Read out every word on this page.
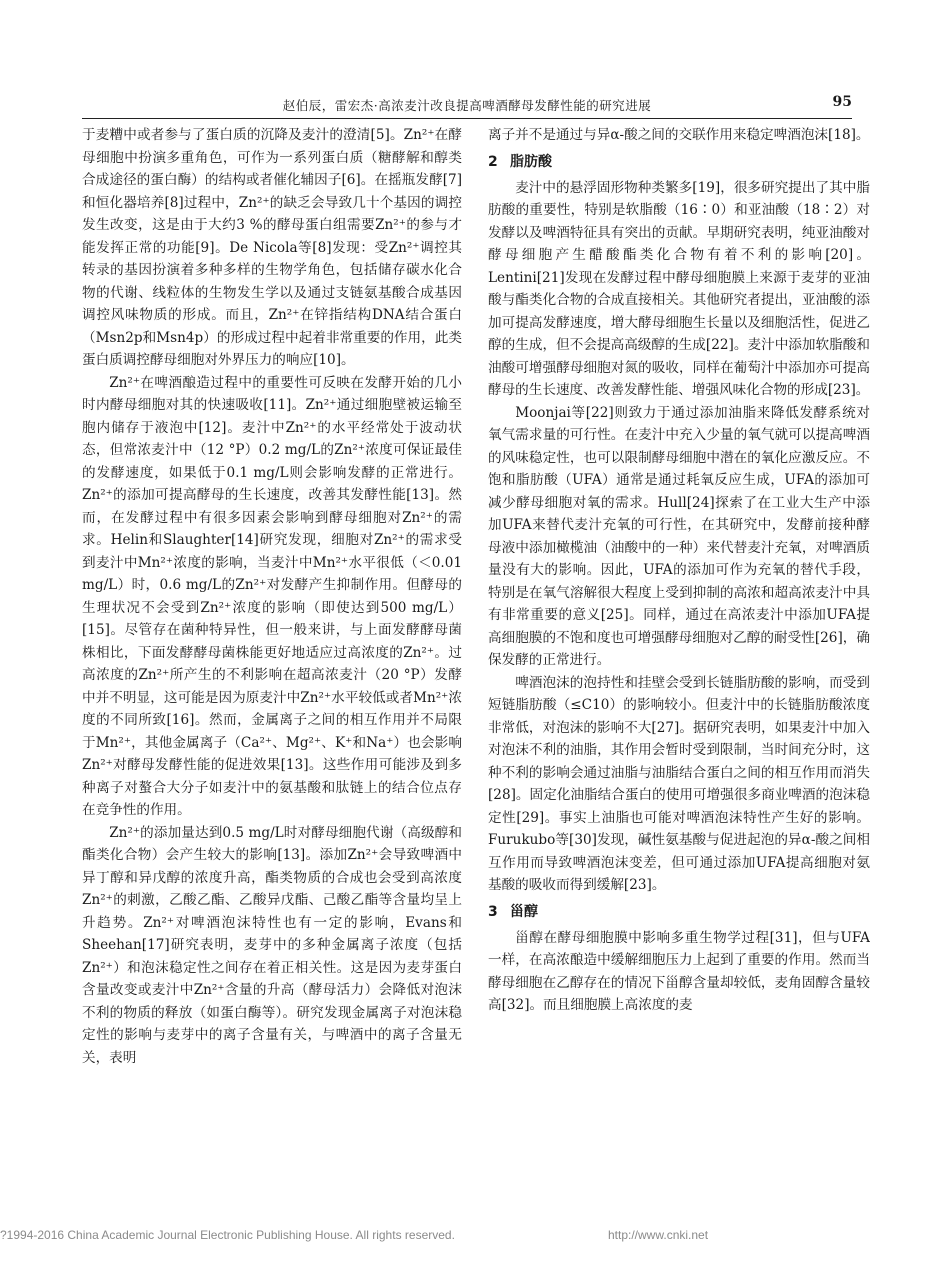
赵伯辰，雷宏杰·高浓麦汁改良提高啤酒酵母发酵性能的研究进展	95

于麦糟中或者参与了蛋白质的沉降及麦汁的澄清[5]。Zn²⁺在酵母细胞中扮演多重角色，可作为一系列蛋白质（糖酵解和醇类合成途径的蛋白酶）的结构或者催化辅因子[6]。在摇瓶发酵[7]和恒化器培养[8]过程中，Zn²⁺的缺乏会导致几十个基因的调控发生改变，这是由于大约3 %的酵母蛋白组需要Zn²⁺的参与才能发挥正常的功能[9]。De Nicola等[8]发现：受Zn²⁺调控其转录的基因扮演着多种多样的生物学角色，包括储存碳水化合物的代谢、线粒体的生物发生学以及通过支链氨基酸合成基因调控风味物质的形成。而且，Zn²⁺在锌指结构DNA结合蛋白（Msn2p和Msn4p）的形成过程中起着非常重要的作用，此类蛋白质调控酵母细胞对外界压力的响应[10]。

Zn²⁺在啤酒酿造过程中的重要性可反映在发酵开始的几小时内酵母细胞对其的快速吸收[11]。Zn²⁺通过细胞壁被运输至胞内储存于液泡中[12]。麦汁中Zn²⁺的水平经常处于波动状态，但常浓麦汁中（12 °P）0.2 mg/L的Zn²⁺浓度可保证最佳的发酵速度，如果低于0.1 mg/L则会影响发酵的正常进行。Zn²⁺的添加可提高酵母的生长速度，改善其发酵性能[13]。然而，在发酵过程中有很多因素会影响到酵母细胞对Zn²⁺的需求。Helin和Slaughter[14]研究发现，细胞对Zn²⁺的需求受到麦汁中Mn²⁺浓度的影响，当麦汁中Mn²⁺水平很低（＜0.01 mg/L）时，0.6 mg/L的Zn²⁺对发酵产生抑制作用。但酵母的生理状况不会受到Zn²⁺浓度的影响（即使达到500 mg/L）[15]。尽管存在菌种特异性，但一般来讲，与上面发酵酵母菌株相比，下面发酵酵母菌株能更好地适应过高浓度的Zn²⁺。过高浓度的Zn²⁺所产生的不利影响在超高浓麦汁（20 °P）发酵中并不明显，这可能是因为原麦汁中Zn²⁺水平较低或者Mn²⁺浓度的不同所致[16]。然而，金属离子之间的相互作用并不局限于Mn²⁺，其他金属离子（Ca²⁺、Mg²⁺、K⁺和Na⁺）也会影响Zn²⁺对酵母发酵性能的促进效果[13]。这些作用可能涉及到多种离子对螯合大分子如麦汁中的氨基酸和肽链上的结合位点存在竞争性的作用。

Zn²⁺的添加量达到0.5 mg/L时对酵母细胞代谢（高级醇和酯类化合物）会产生较大的影响[13]。添加Zn²⁺会导致啤酒中异丁醇和异戊醇的浓度升高，酯类物质的合成也会受到高浓度Zn²⁺的刺激，乙酸乙酯、乙酸异戊酯、己酸乙酯等含量均呈上升趋势。Zn²⁺对啤酒泡沫特性也有一定的影响，Evans和Sheehan[17]研究表明，麦芽中的多种金属离子浓度（包括Zn²⁺）和泡沫稳定性之间存在着正相关性。这是因为麦芽蛋白含量改变或麦汁中Zn²⁺含量的升高（酵母活力）会降低对泡沫不利的物质的释放（如蛋白酶等）。研究发现金属离子对泡沫稳定性的影响与麦芽中的离子含量有关，与啤酒中的离子含量无关，表明

离子并不是通过与异α-酸之间的交联作用来稳定啤酒泡沫[18]。

2 脂肪酸

麦汁中的悬浮固形物种类繁多[19]，很多研究提出了其中脂肪酸的重要性，特别是软脂酸（16∶0）和亚油酸（18∶2）对发酵以及啤酒特征具有突出的贡献。早期研究表明，纯亚油酸对酵母细胞产生醋酸酯类化合物有着不利的影响[20]。Lentini[21]发现在发酵过程中酵母细胞膜上来源于麦芽的亚油酸与酯类化合物的合成直接相关。其他研究者提出，亚油酸的添加可提高发酵速度，增大酵母细胞生长量以及细胞活性，促进乙醇的生成，但不会提高高级醇的生成[22]。麦汁中添加软脂酸和油酸可增强酵母细胞对氮的吸收，同样在葡萄汁中添加亦可提高酵母的生长速度、改善发酵性能、增强风味化合物的形成[23]。

Moonjai等[22]则致力于通过添加油脂来降低发酵系统对氧气需求量的可行性。在麦汁中充入少量的氧气就可以提高啤酒的风味稳定性，也可以限制酵母细胞中潜在的氧化应激反应。不饱和脂肪酸（UFA）通常是通过耗氧反应生成，UFA的添加可减少酵母细胞对氧的需求。Hull[24]探索了在工业大生产中添加UFA来替代麦汁充氧的可行性，在其研究中，发酵前接种酵母液中添加橄榄油（油酸中的一种）来代替麦汁充氧，对啤酒质量没有大的影响。因此，UFA的添加可作为充氧的替代手段，特别是在氧气溶解很大程度上受到抑制的高浓和超高浓麦汁中具有非常重要的意义[25]。同样，通过在高浓麦汁中添加UFA提高细胞膜的不饱和度也可增强酵母细胞对乙醇的耐受性[26]，确保发酵的正常进行。

啤酒泡沫的泡持性和挂壁会受到长链脂肪酸的影响，而受到短链脂肪酸（≤C10）的影响较小。但麦汁中的长链脂肪酸浓度非常低，对泡沫的影响不大[27]。据研究表明，如果麦汁中加入对泡沫不利的油脂，其作用会暂时受到限制，当时间充分时，这种不利的影响会通过油脂与油脂结合蛋白之间的相互作用而消失[28]。固定化油脂结合蛋白的使用可增强很多商业啤酒的泡沫稳定性[29]。事实上油脂也可能对啤酒泡沫特性产生好的影响。Furukubo等[30]发现，碱性氨基酸与促进起泡的异α-酸之间相互作用而导致啤酒泡沫变差，但可通过添加UFA提高细胞对氨基酸的吸收而得到缓解[23]。

3 甾醇

甾醇在酵母细胞膜中影响多重生物学过程[31]，但与UFA一样，在高浓酿造中缓解细胞压力上起到了重要的作用。然而当酵母细胞在乙醇存在的情况下甾醇含量却较低，麦角固醇含量较高[32]。而且细胞膜上高浓度的麦

?1994-2016 China Academic Journal Electronic Publishing House. All rights reserved.	http://www.cnki.net
